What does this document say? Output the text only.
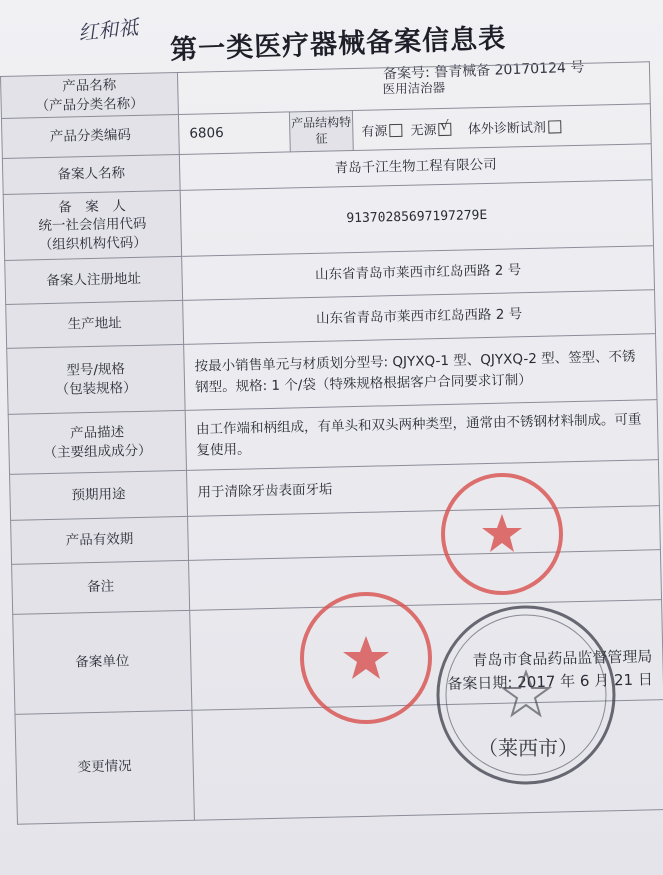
红和祗 第一类医疗器械备案信息表
备案号: 鲁青械备 20170124 号
产品名称
（产品分类名称）	医用洁治器		
产品分类编码	6806	产品结构特征	有源 无源 √ 体外诊断试剂
备案人名称	青岛千江生物工程有限公司		

备　案　人
统一社会信用代码
（组织机构代码）	91370285697197279E		
备案人注册地址	山东省青岛市莱西市红岛西路 2 号		
生产地址	山东省青岛市莱西市红岛西路 2 号		

型号/规格
（包装规格）	按最小销售单元与材质划分型号: QJYXQ-1 型、QJYXQ-2 型、签型、不锈钢型。规格: 1 个/袋（特殊规格根据客户合同要求订制）		

产品描述
（主要组成成分）	由工作端和柄组成，有单头和双头两种类型，通常由不锈钢材料制成。可重复使用。		
预期用途	用于清除牙齿表面牙垢		
产品有效期			
备注			
备案单位	青岛市食品药品监督管理局
备案日期: 2017 年 6 月 21 日		

变更情况			
（莱西市）
